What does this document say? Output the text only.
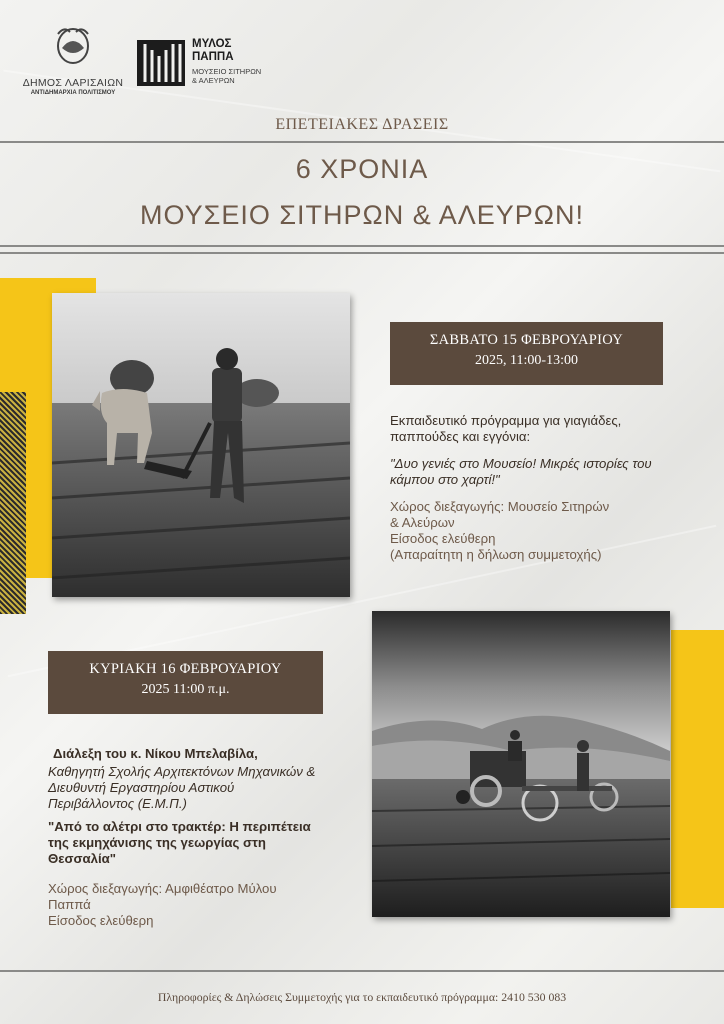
ΔΗΜΟΣ ΛΑΡΙΣΑΙΩΝ
ΑΝΤΙΔΗΜΑΡΧΙΑ ΠΟΛΙΤΙΣΜΟΥ
ΜΥΛΟΣ
ΠΑΠΠΑ
ΜΟΥΣΕΙΟ ΣΙΤΗΡΩΝ
& ΑΛΕΥΡΩΝ
ΕΠΕΤΕΙΑΚΕΣ ΔΡΑΣΕΙΣ
6 ΧΡΟΝΙΑ
ΜΟΥΣΕΙΟ ΣΙΤΗΡΩΝ & ΑΛΕΥΡΩΝ!
ΣΑΒΒΑΤΟ 15 ΦΕΒΡΟΥΑΡΙΟΥ
2025, 11:00-13:00

Εκπαιδευτικό πρόγραμμα για γιαγιάδες, παππούδες και εγγόνια:

"Δυο γενιές στο Μουσείο! Μικρές ιστορίες του κάμπου στο χαρτί!"

Χώρος διεξαγωγής: Μουσείο Σιτηρών & Αλεύρων

Είσοδος ελεύθερη

(Απαραίτητη η δήλωση συμμετοχής)

ΚΥΡΙΑΚΗ 16 ΦΕΒΡΟΥΑΡΙΟΥ
2025 11:00 π.μ.

Διάλεξη του κ. Νίκου Μπελαβίλα,

Καθηγητή Σχολής Αρχιτεκτόνων Μηχανικών & Διευθυντή Εργαστηρίου Αστικού Περιβάλλοντος (Ε.Μ.Π.)

"Από το αλέτρι στο τρακτέρ: Η περιπέτεια της εκμηχάνισης της γεωργίας στη Θεσσαλία"

Χώρος διεξαγωγής: Αμφιθέατρο Μύλου Παππά

Είσοδος ελεύθερη

Πληροφορίες & Δηλώσεις Συμμετοχής για το εκπαιδευτικό πρόγραμμα: 2410 530 083
